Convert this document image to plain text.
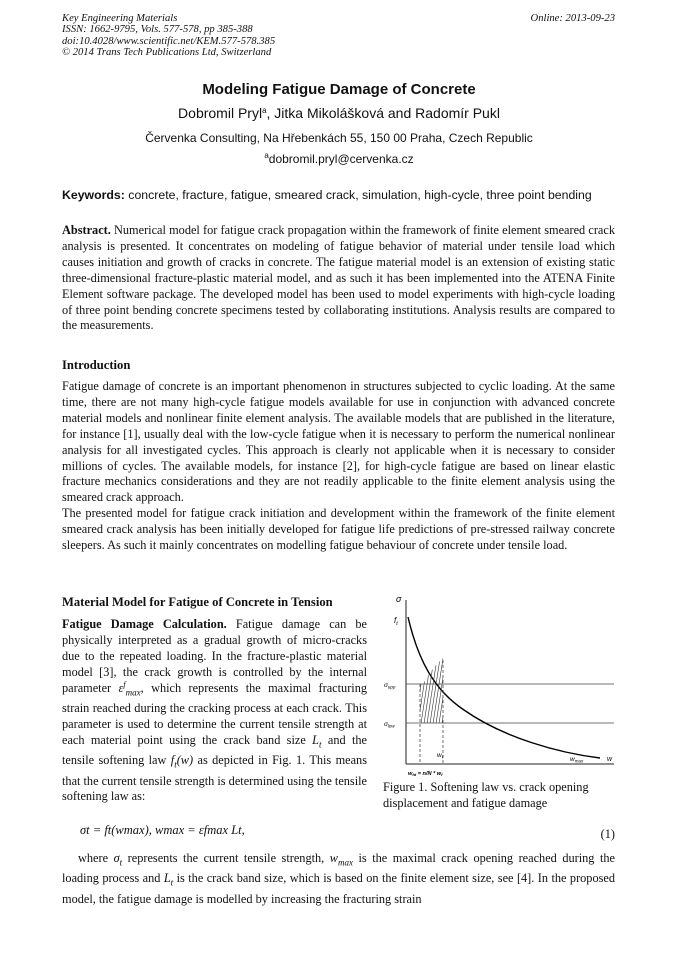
Key Engineering Materials
ISSN: 1662-9795, Vols. 577-578, pp 385-388
doi:10.4028/www.scientific.net/KEM.577-578.385
© 2014 Trans Tech Publications Ltd, Switzerland
Online: 2013-09-23
Modeling Fatigue Damage of Concrete
Dobromil Pryl$^a$, Jitka Mikolášková and Radomír Pukl
Červenka Consulting, Na Hřebenkách 55, 150 00 Praha, Czech Republic
$^a$dobromil.pryl@cervenka.cz
Keywords: concrete, fracture, fatigue, smeared crack, simulation, high-cycle, three point bending
Abstract. Numerical model for fatigue crack propagation within the framework of finite element smeared crack analysis is presented. It concentrates on modeling of fatigue behavior of material under tensile load which causes initiation and growth of cracks in concrete. The fatigue material model is an extension of existing static three-dimensional fracture-plastic material model, and as such it has been implemented into the ATENA Finite Element software package. The developed model has been used to model experiments with high-cycle loading of three point bending concrete specimens tested by collaborating institutions. Analysis results are compared to the measurements.
Introduction
Fatigue damage of concrete is an important phenomenon in structures subjected to cyclic loading. At the same time, there are not many high-cycle fatigue models available for use in conjunction with advanced concrete material models and nonlinear finite element analysis. The available models that are published in the literature, for instance [1], usually deal with the low-cycle fatigue when it is necessary to perform the numerical nonlinear analysis for all investigated cycles. This approach is clearly not applicable when it is necessary to consider millions of cycles. The available models, for instance [2], for high-cycle fatigue are based on linear elastic fracture mechanics considerations and they are not readily applicable to the finite element analysis using the smeared crack approach.
The presented model for fatigue crack initiation and development within the framework of the finite element smeared crack analysis has been initially developed for fatigue life predictions of pre-stressed railway concrete sleepers. As such it mainly concentrates on modelling fatigue behaviour of concrete under tensile load.
Material Model for Fatigue of Concrete in Tension
Fatigue Damage Calculation. Fatigue damage can be physically interpreted as a gradual growth of micro-cracks due to the repeated loading. In the fracture-plastic material model [3], the crack growth is controlled by the internal parameter $\varepsilon^f_{max}$, which represents the maximal fracturing strain reached during the cracking process at each crack. This parameter is used to determine the current tensile strength at each material point using the crack band size $L_t$ and the tensile softening law $f_t(w)$ as depicted in Fig. 1. This means that the current tensile strength is determined using the tensile softening law as:
σ
$f_t$
$\sigma_{upp}$
$\sigma_{low}$
$w_f$	$w_{max}$	w
$w_{fd} = n/N * w_f$
Figure 1. Softening law vs. crack opening displacement and fatigue damage
σt = ft(wmax), wmax = εfmax Lt,	(1)
where $\sigma_t$ represents the current tensile strength, $w_{max}$ is the maximal crack opening reached during the loading process and $L_t$ is the crack band size, which is based on the finite element size, see [4]. In the proposed model, the fatigue damage is modelled by increasing the fracturing strain
